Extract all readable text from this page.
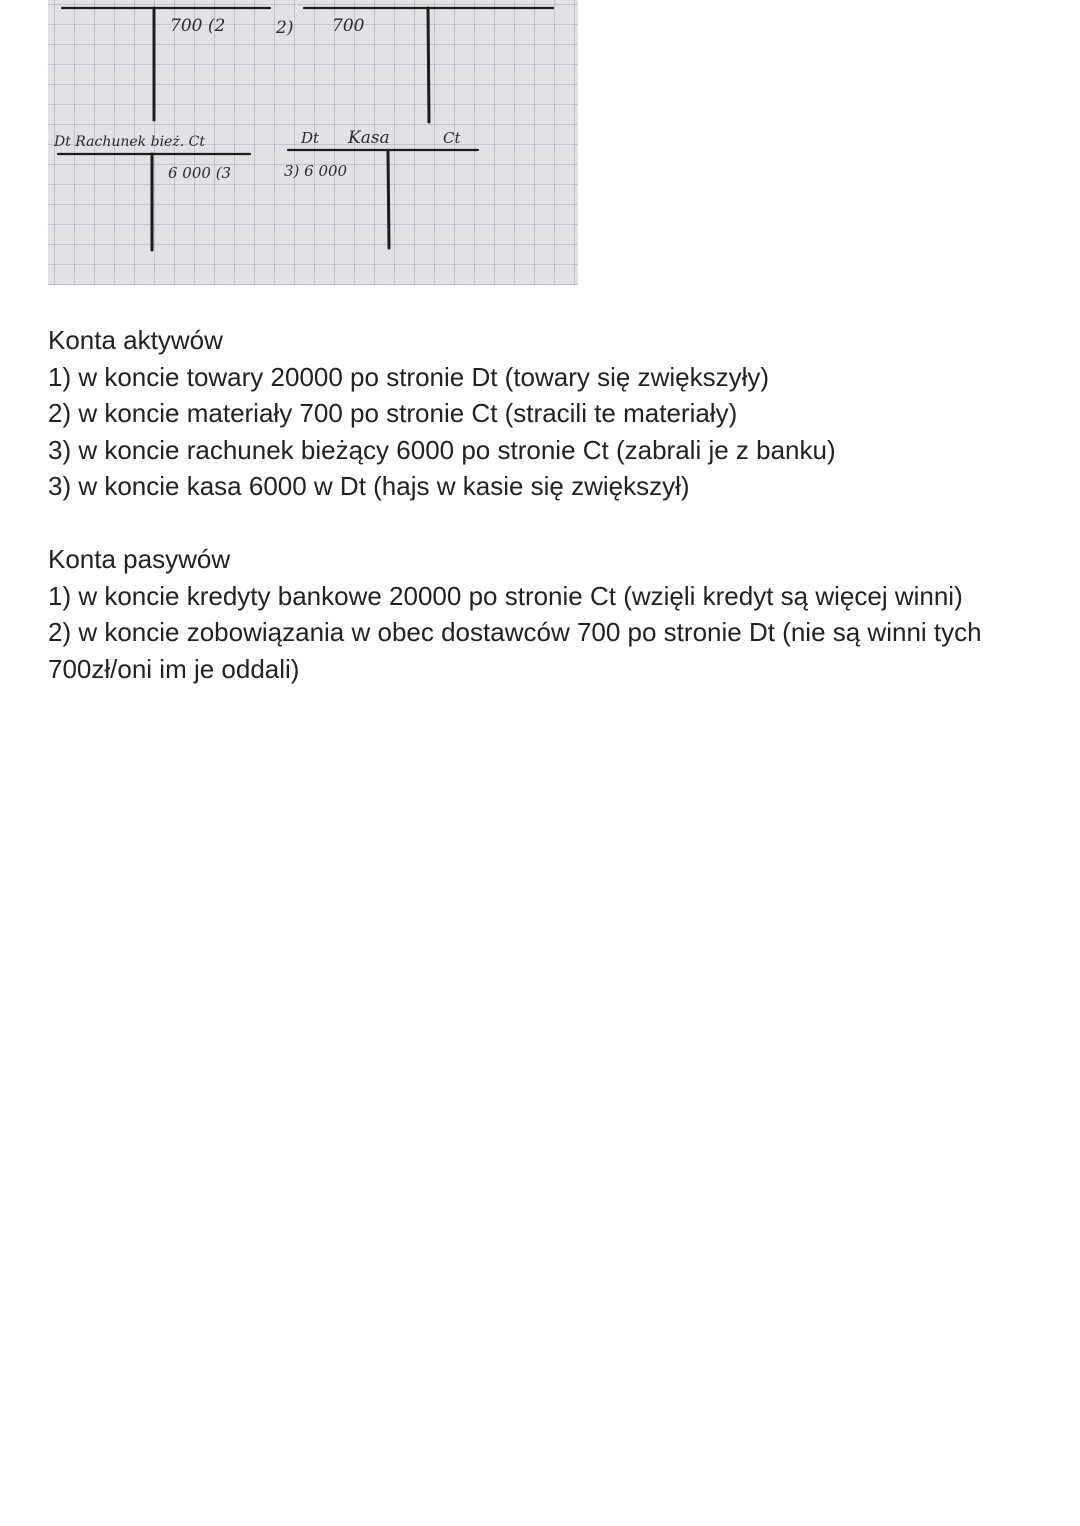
700 (2	2) 700
Dt Rachunek bież. Ct
6 000 (3
Dt Kasa	Ct
3) 6 000

Konta aktywów

1) w koncie towary 20000 po stronie Dt (towary się zwiększyły)

2) w koncie materiały 700 po stronie Ct (stracili te materiały)

3) w koncie rachunek bieżący 6000 po stronie Ct (zabrali je z banku)

3) w koncie kasa 6000 w Dt (hajs w kasie się zwiększył)

Konta pasywów

1) w koncie kredyty bankowe 20000 po stronie Ct (wzięli kredyt są więcej winni)

2) w koncie zobowiązania w obec dostawców 700 po stronie Dt (nie są winni tych 700zł/oni im je oddali)
